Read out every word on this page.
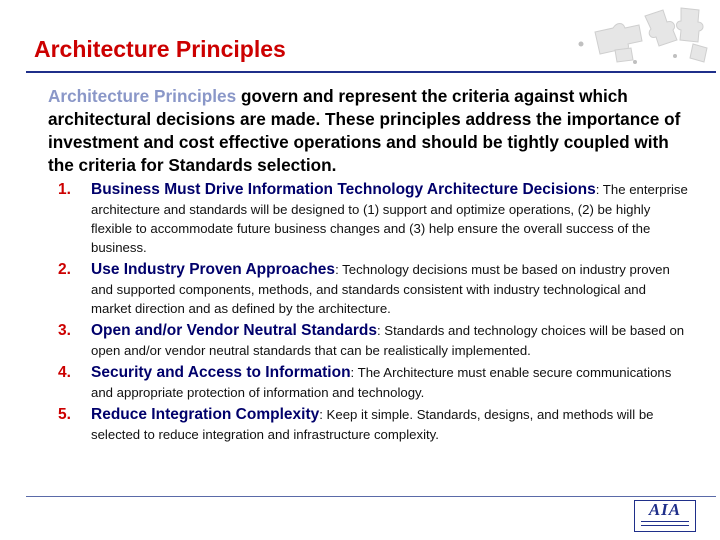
Architecture Principles

Architecture Principles govern and represent the criteria against which architectural decisions are made. These principles address the importance of investment and cost effective operations and should be tightly coupled with the criteria for Standards selection.

1. Business Must Drive Information Technology Architecture Decisions: The enterprise architecture and standards will be designed to (1) support and optimize operations, (2) be highly flexible to accommodate future business changes and (3) help ensure the overall success of the business.
2. Use Industry Proven Approaches: Technology decisions must be based on industry proven and supported components, methods, and standards consistent with industry technological and market direction and as defined by the architecture.
3. Open and/or Vendor Neutral Standards: Standards and technology choices will be based on open and/or vendor neutral standards that can be realistically implemented.
4. Security and Access to Information: The Architecture must enable secure communications and appropriate protection of information and technology.
5. Reduce Integration Complexity: Keep it simple. Standards, designs, and methods will be selected to reduce integration and infrastructure complexity.
AIA
